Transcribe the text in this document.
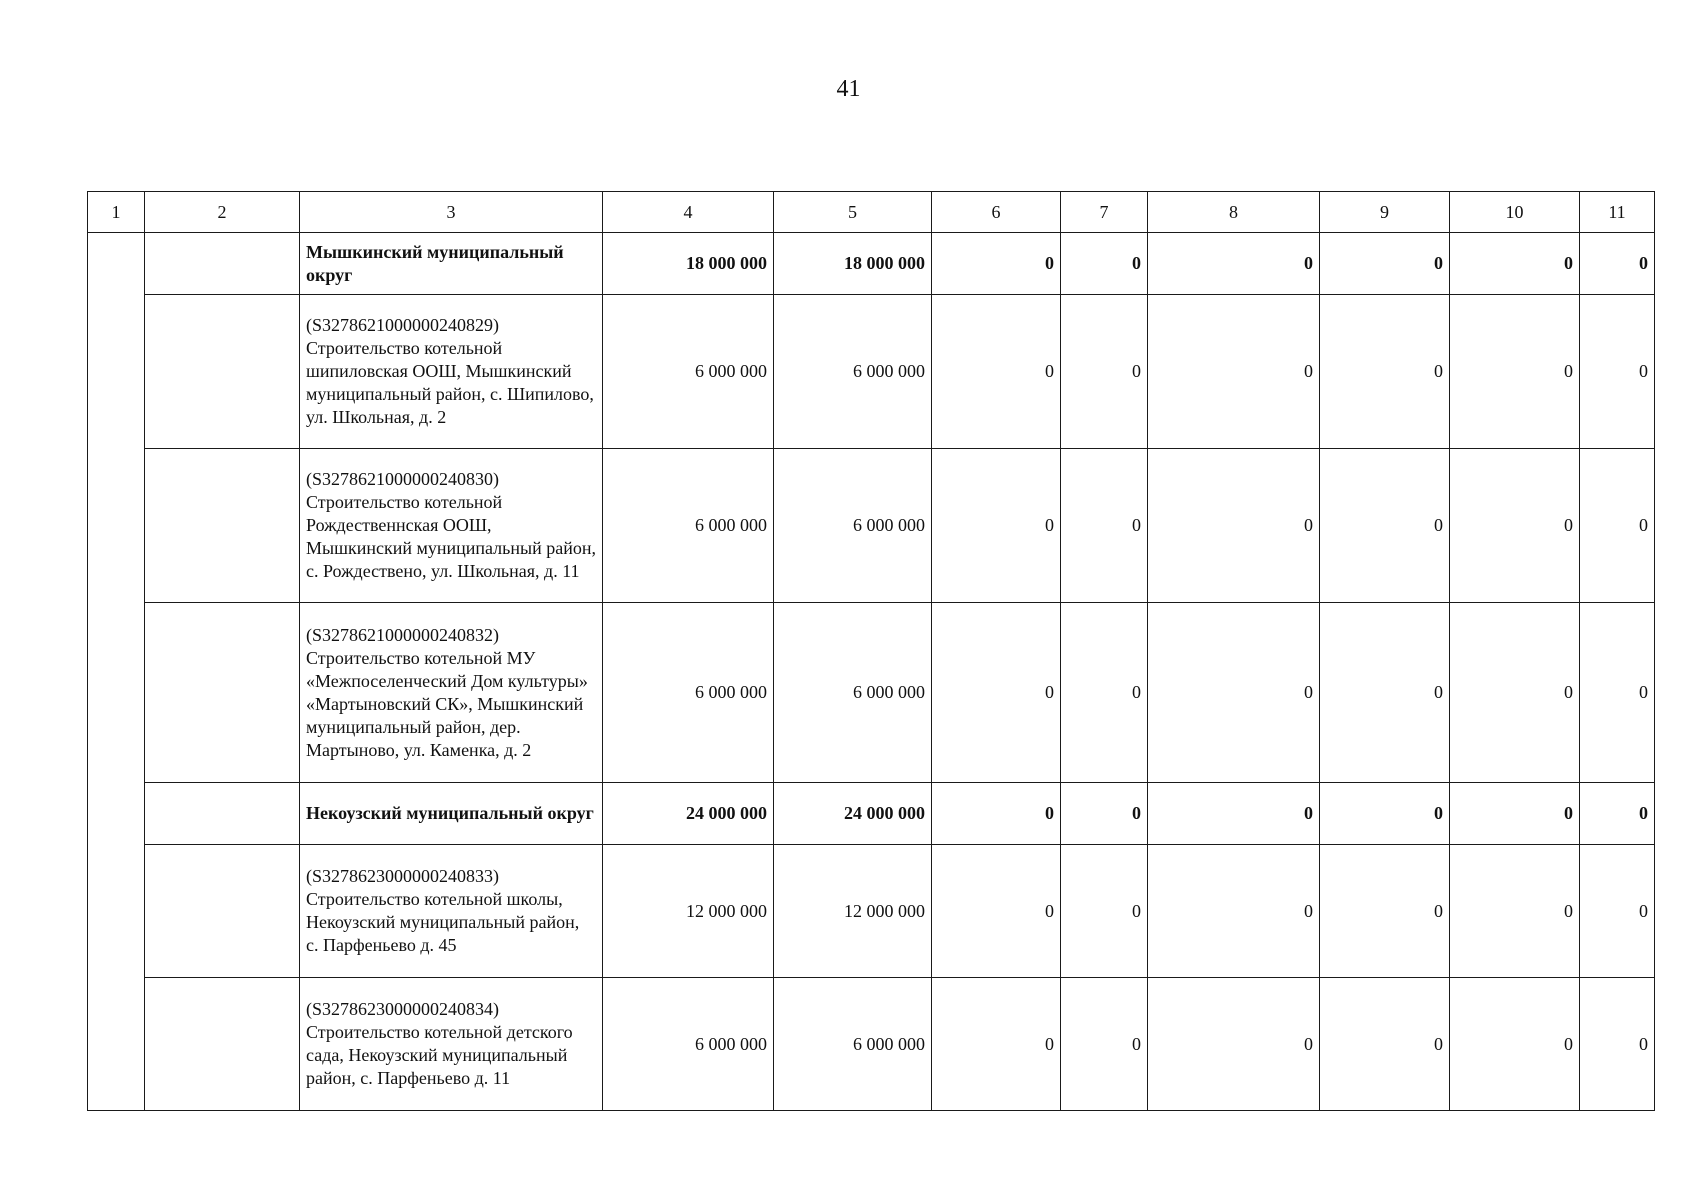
41
1	2	3	4	5	6	7	8	9	10	11
		Мышкинский муниципальный округ	18 000 000	18 000 000	0	0	0	0	0	0
		(S3278621000000240829) Строительство котельной шипиловская ООШ, Мышкинский муниципальный район, с. Шипилово, ул. Школьная, д. 2	6 000 000	6 000 000	0	0	0	0	0	0
		(S3278621000000240830) Строительство котельной Рождественнская ООШ, Мышкинский муниципальный район, с. Рождествено, ул. Школьная, д. 11	6 000 000	6 000 000	0	0	0	0	0	0
		(S3278621000000240832) Строительство котельной МУ «Межпоселенческий Дом культуры» «Мартыновский СК», Мышкинский муниципальный район, дер. Мартыново, ул. Каменка, д. 2	6 000 000	6 000 000	0	0	0	0	0	0
		Некоузский муниципальный округ	24 000 000	24 000 000	0	0	0	0	0	0
		(S3278623000000240833) Строительство котельной школы, Некоузский муниципальный район, с. Парфеньево д. 45	12 000 000	12 000 000	0	0	0	0	0	0
		(S3278623000000240834) Строительство котельной детского сада, Некоузский муниципальный район, с. Парфеньево д. 11	6 000 000	6 000 000	0	0	0	0	0	0
